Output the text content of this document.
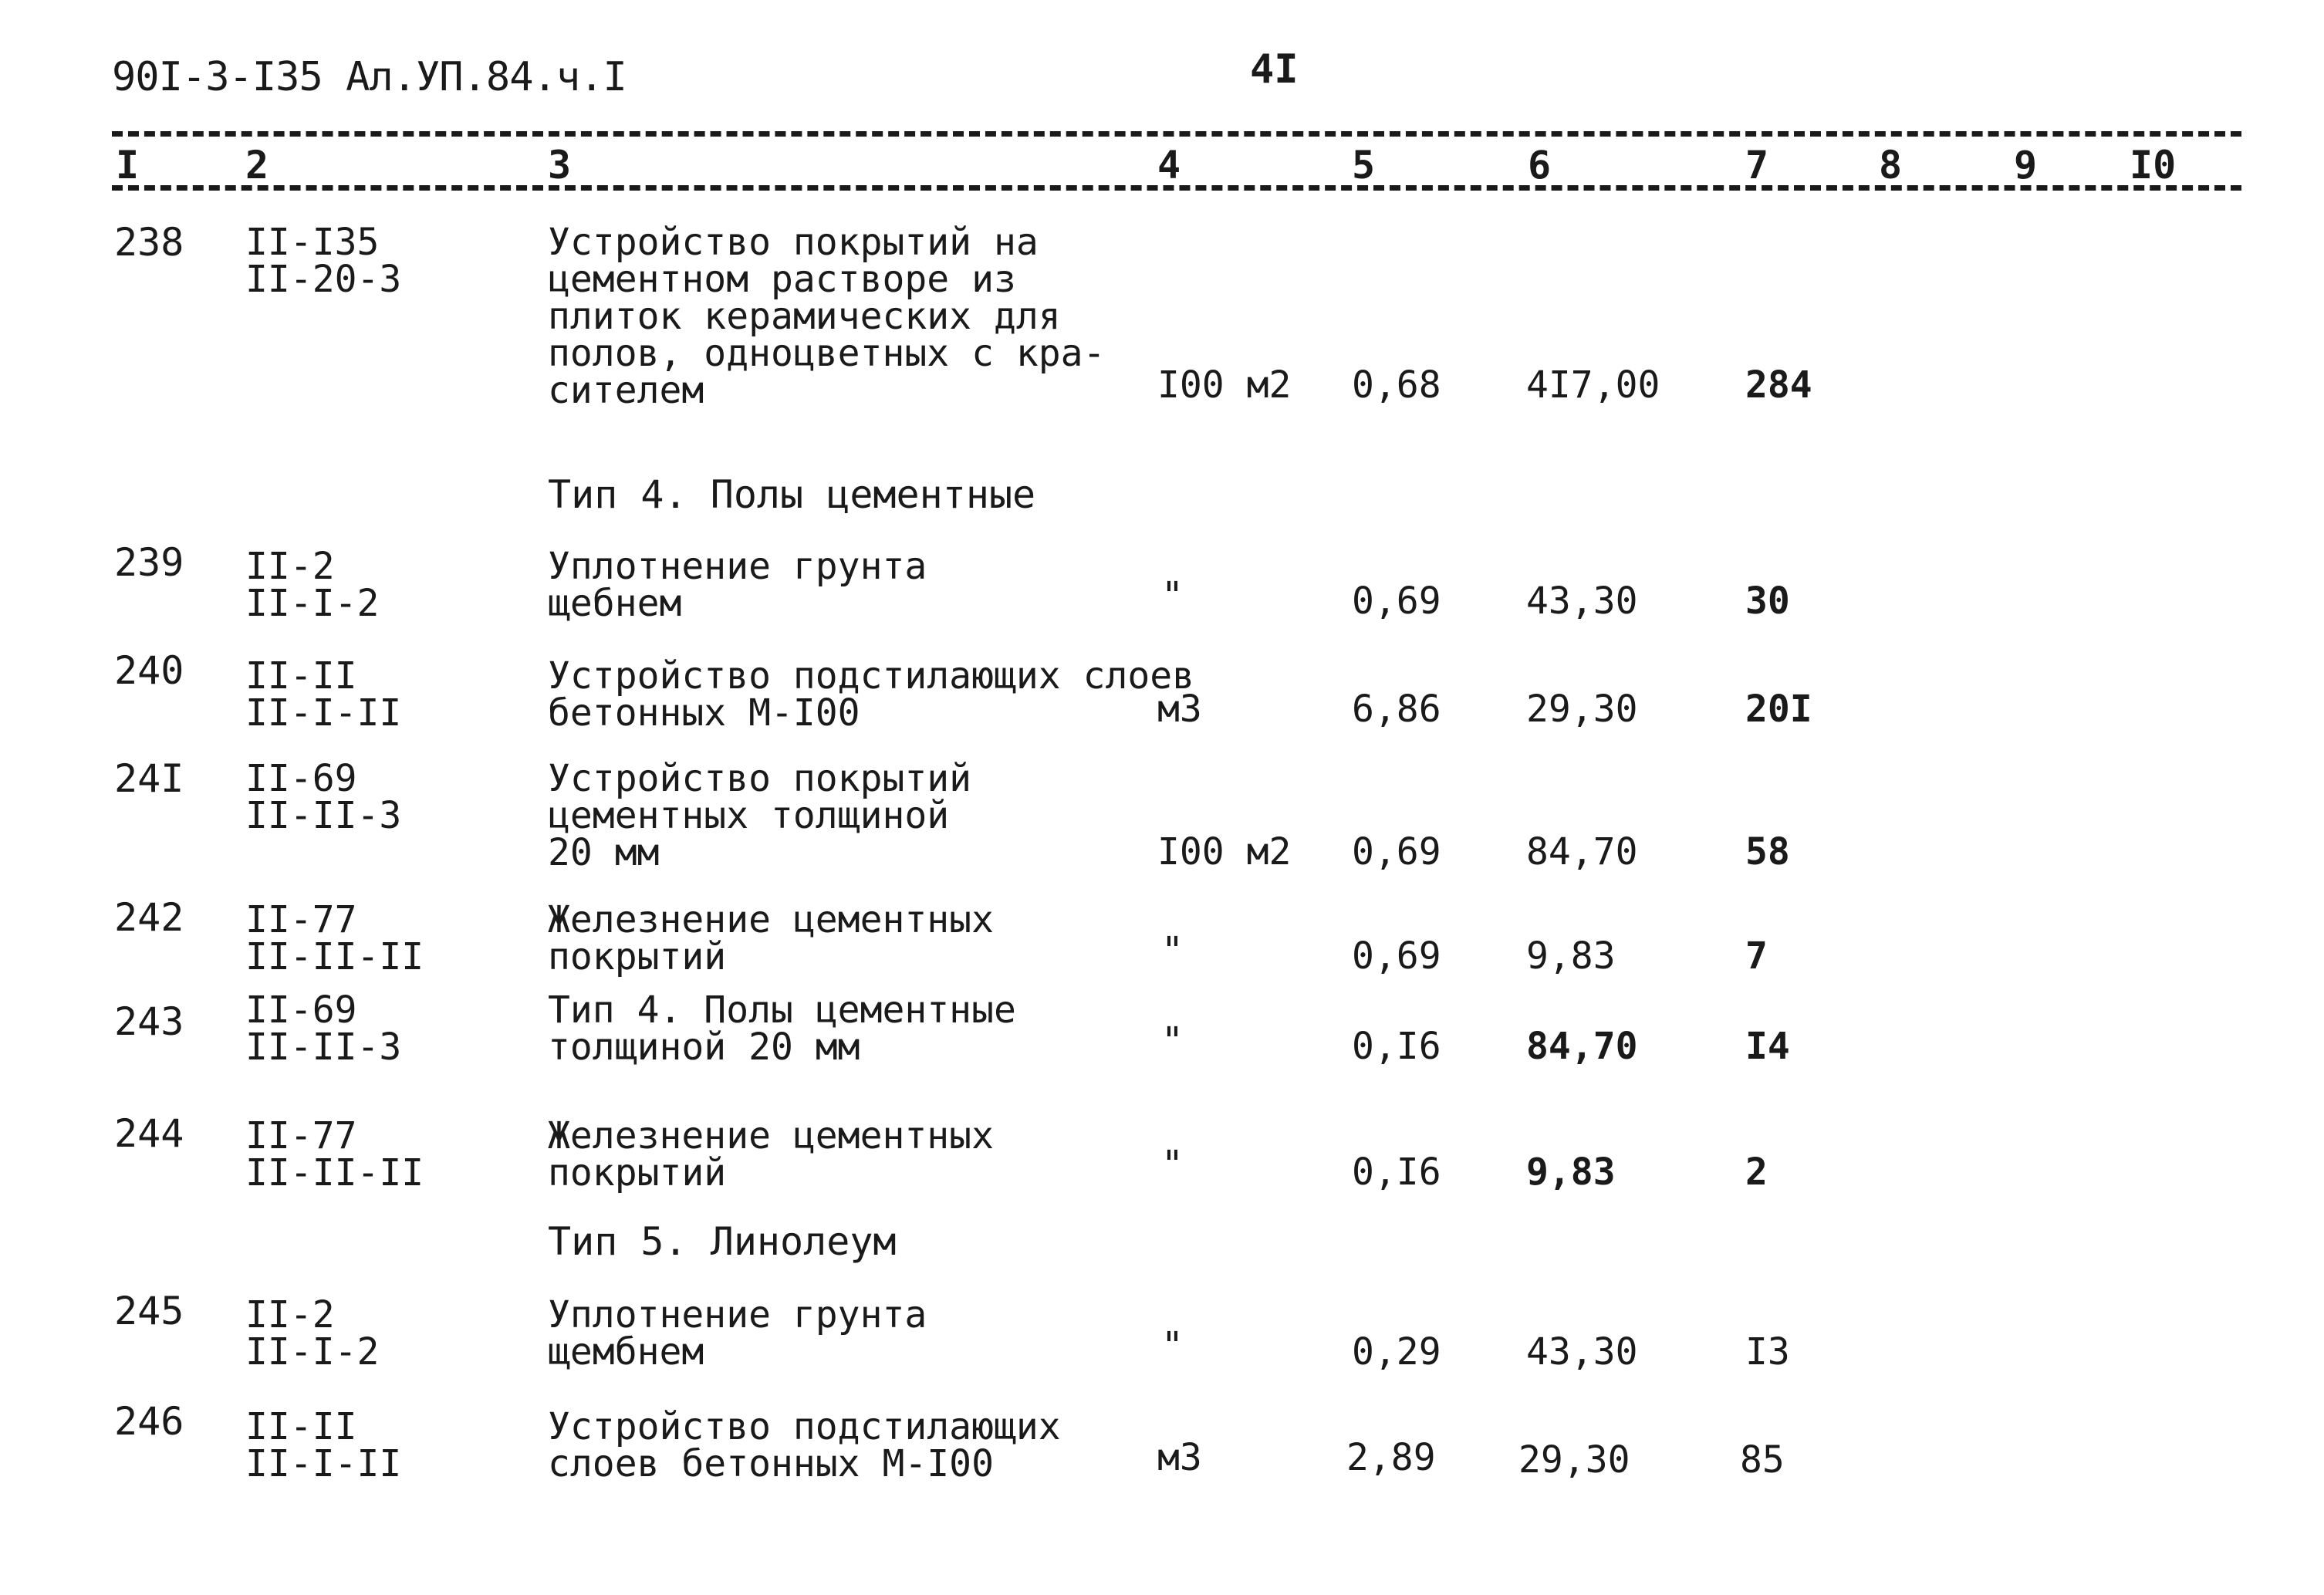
90I-3-I35 Ал.УП.84.ч.I	4I
I	2	3	4	5	6	7	8	9 I0
238 II-I35
II-20-3
Устройство покрытий на
цементном растворе из
плиток керамических для
полов, одноцветных с кра-
сителем	I00 м2 0,68 4I7,00 284
Тип 4. Полы цементные
239 II-2
II-I-2
Уплотнение грунта
щебнем	"	0,69 43,30	30
240 II-II
II-I-II
Устройство подстилающих слоев
бетонных М-I00	м3	6,86 29,30	20I
24I II-69
II-II-3
Устройство покрытий
цементных толщиной
20 мм	I00 м2 0,69 84,70	58
242 II-77
II-II-II
Железнение цементных
покрытий	"	0,69 9,83	7
243 II-69
II-II-3
Тип 4. Полы цементные
толщиной 20 мм	"	0,I6 84,70	I4
244 II-77
II-II-II
Железнение цементных
покрытий	"	0,I6 9,83	2
Тип 5. Линолеум
245 II-2
II-I-2
Уплотнение грунта
щембнем	"	0,29 43,30	I3
246 II-II
II-I-II
Устройство подстилающих
слоев бетонных М-I00	м3	2,89 29,30	85
